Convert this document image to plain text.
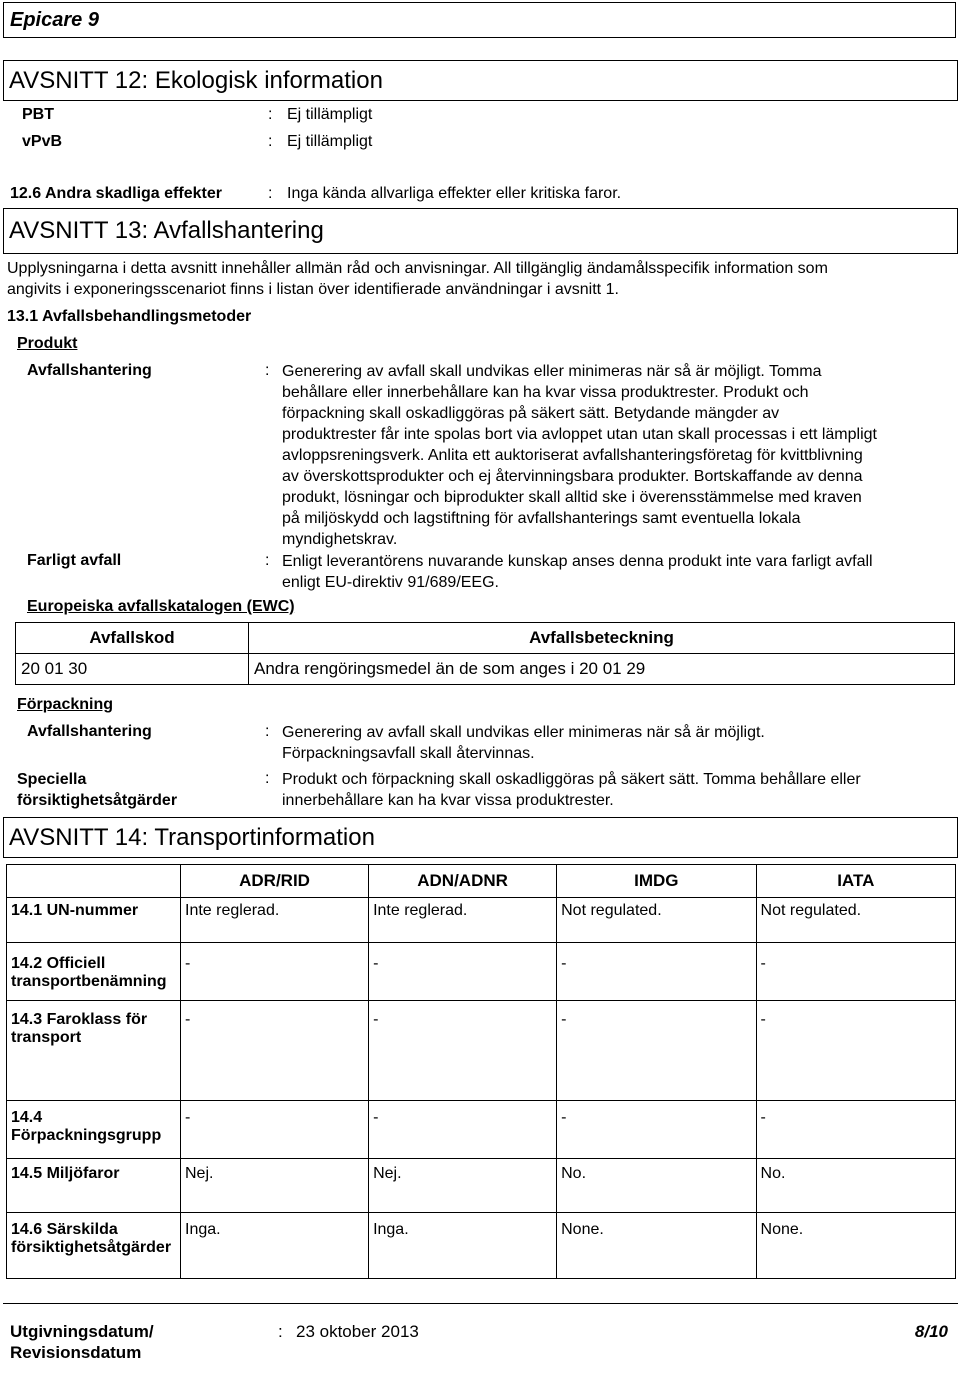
Epicare 9
AVSNITT 12: Ekologisk information
PBT	: Ej tillämpligt
vPvB	: Ej tillämpligt
12.6 Andra skadliga effekter	: Inga kända allvarliga effekter eller kritiska faror.
AVSNITT 13: Avfallshantering
Upplysningarna i detta avsnitt innehåller allmän råd och anvisningar. All tillgänglig ändamålsspecifik information som
angivits i exponeringsscenariot finns i listan över identifierade användningar i avsnitt 1.
13.1 Avfallsbehandlingsmetoder
Produkt
Avfallshantering	: Generering av avfall skall undvikas eller minimeras när så är möjligt. Tomma
behållare eller innerbehållare kan ha kvar vissa produktrester. Produkt och
förpackning skall oskadliggöras på säkert sätt. Betydande mängder av
produktrester får inte spolas bort via avloppet utan utan skall processas i ett lämpligt
avloppsreningsverk. Anlita ett auktoriserat avfallshanteringsföretag för kvittblivning
av överskottsprodukter och ej återvinningsbara produkter. Bortskaffande av denna
produkt, lösningar och biprodukter skall alltid ske i överensstämmelse med kraven
på miljöskydd och lagstiftning för avfallshanterings samt eventuella lokala
myndighetskrav.
Farligt avfall	: Enligt leverantörens nuvarande kunskap anses denna produkt inte vara farligt avfall
enligt EU-direktiv 91/689/EEG.
Europeiska avfallskatalogen (EWC)
Avfallskod	Avfallsbeteckning
20 01 30	Andra rengöringsmedel än de som anges i 20 01 29
Förpackning
Avfallshantering	: Generering av avfall skall undvikas eller minimeras när så är möjligt.
Förpackningsavfall skall återvinnas.
Speciella
försiktighetsåtgärder
: Produkt och förpackning skall oskadliggöras på säkert sätt. Tomma behållare eller
innerbehållare kan ha kvar vissa produktrester.
AVSNITT 14: Transportinformation
	ADR/RID	ADN/ADNR	IMDG	IATA
14.1 UN-nummer	Inte reglerad.	Inte reglerad.	Not regulated.	Not regulated.
14.2 Officiell transportbenämning	-	-	-	-
14.3 Faroklass för transport	-	-	-	-
14.4 Förpackningsgrupp	-	-	-	-
14.5 Miljöfaror	Nej.	Nej.	No.	No.
14.6 Särskilda försiktighetsåtgärder	Inga.	Inga.	None.	None.
Utgivningsdatum/
Revisionsdatum
: 23 oktober 2013	8/10
